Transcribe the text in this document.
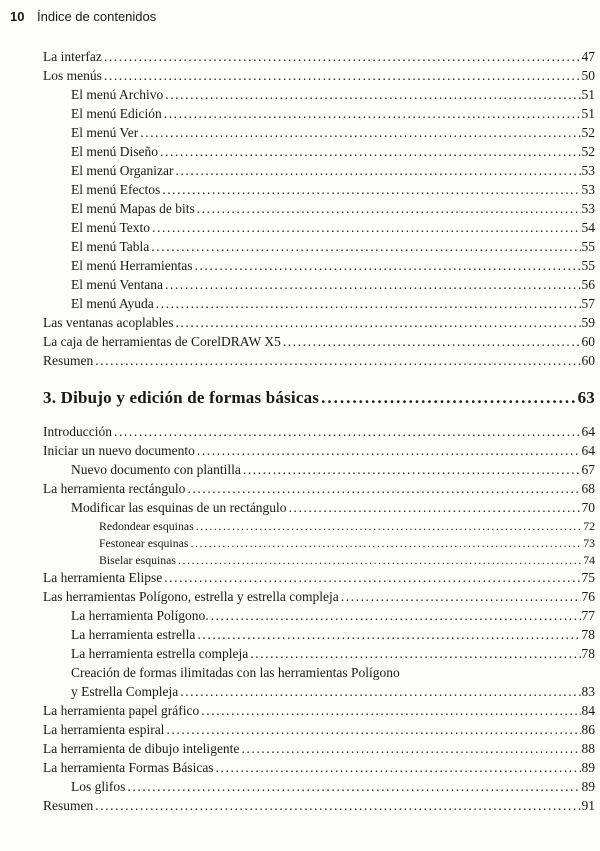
10 Índice de contenidos
La interfaz .....	47
Los menús .....	50
El menú Archivo .....	51
El menú Edición .....	51
El menú Ver .....	52
El menú Diseño .....	52
El menú Organizar .....	53
El menú Efectos .....	53
El menú Mapas de bits .....	53
El menú Texto .....	54
El menú Tabla .....	55
El menú Herramientas .....	55
El menú Ventana .....	56
El menú Ayuda .....	57
Las ventanas acoplables .....	59
La caja de herramientas de CorelDRAW X5 .....	60
Resumen .....	60
3. Dibujo y edición de formas básicas .....	63
Introducción .....	64
Iniciar un nuevo documento .....	64
Nuevo documento con plantilla .....	67
La herramienta rectángulo .....	68
Modificar las esquinas de un rectángulo .....	70
Redondear esquinas .....	72
Festonear esquinas .....	73
Biselar esquinas .....	74
La herramienta Elipse .....	75
Las herramientas Polígono, estrella y estrella compleja .....	76
La herramienta Polígono. .....	77
La herramienta estrella .....	78
La herramienta estrella compleja .....	78
Creación de formas ilimitadas con las herramientas Polígono
y Estrella Compleja .....	83
La herramienta papel gráfico .....	84
La herramienta espiral .....	86
La herramienta de dibujo inteligente .....	88
La herramienta Formas Básicas .....	89
Los glifos .....	89
Resumen .....	91
